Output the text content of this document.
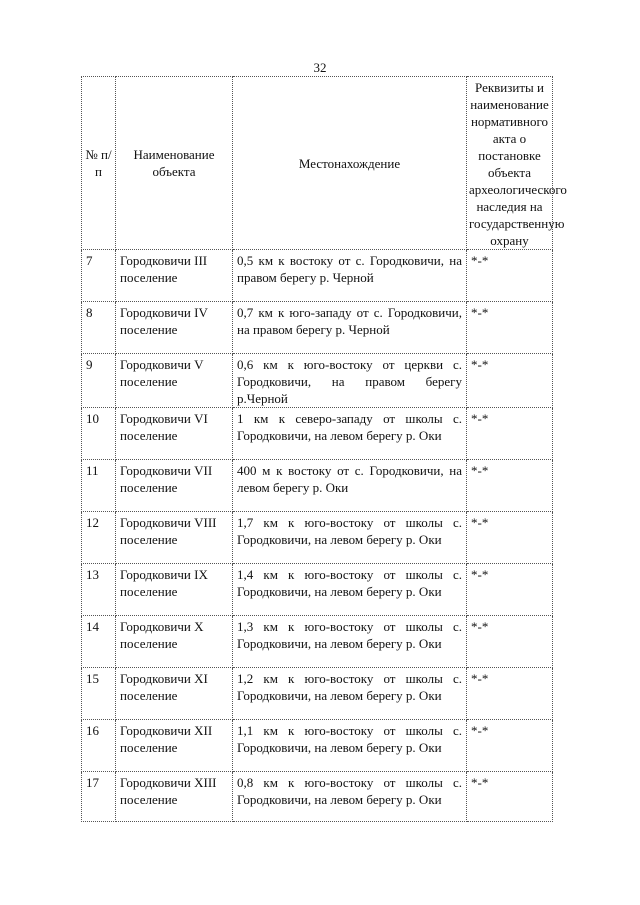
32
№ п/п	Наименование объекта	Местонахождение	Реквизиты и наименование нормативного акта о постановке объекта археологического наследия на государственную охрану
7	Городковичи III поселение	0,5 км к востоку от с. Городковичи, на правом берегу р. Черной	*-*
8	Городковичи IV поселение	0,7 км к юго-западу от с. Городковичи, на правом берегу р. Черной	*-*
9	Городковичи V поселение	0,6 км к юго-востоку от церкви с. Городковичи, на правом берегу р.Черной	*-*
10	Городковичи VI поселение	1 км к северо-западу от школы с. Городковичи, на левом берегу р. Оки	*-*
11	Городковичи VII поселение	400 м к востоку от с. Городковичи, на левом берегу р. Оки	*-*
12	Городковичи VIII поселение	1,7 км к юго-востоку от школы с. Городковичи, на левом берегу р. Оки	*-*
13	Городковичи IX поселение	1,4 км к юго-востоку от школы с. Городковичи, на левом берегу р. Оки	*-*
14	Городковичи X поселение	1,3 км к юго-востоку от школы с. Городковичи, на левом берегу р. Оки	*-*
15	Городковичи XI поселение	1,2 км к юго-востоку от школы с. Городковичи, на левом берегу р. Оки	*-*
16	Городковичи XII поселение	1,1 км к юго-востоку от школы с. Городковичи, на левом берегу р. Оки	*-*
17	Городковичи XIII поселение	0,8 км к юго-востоку от школы с. Городковичи, на левом берегу р. Оки	*-*
